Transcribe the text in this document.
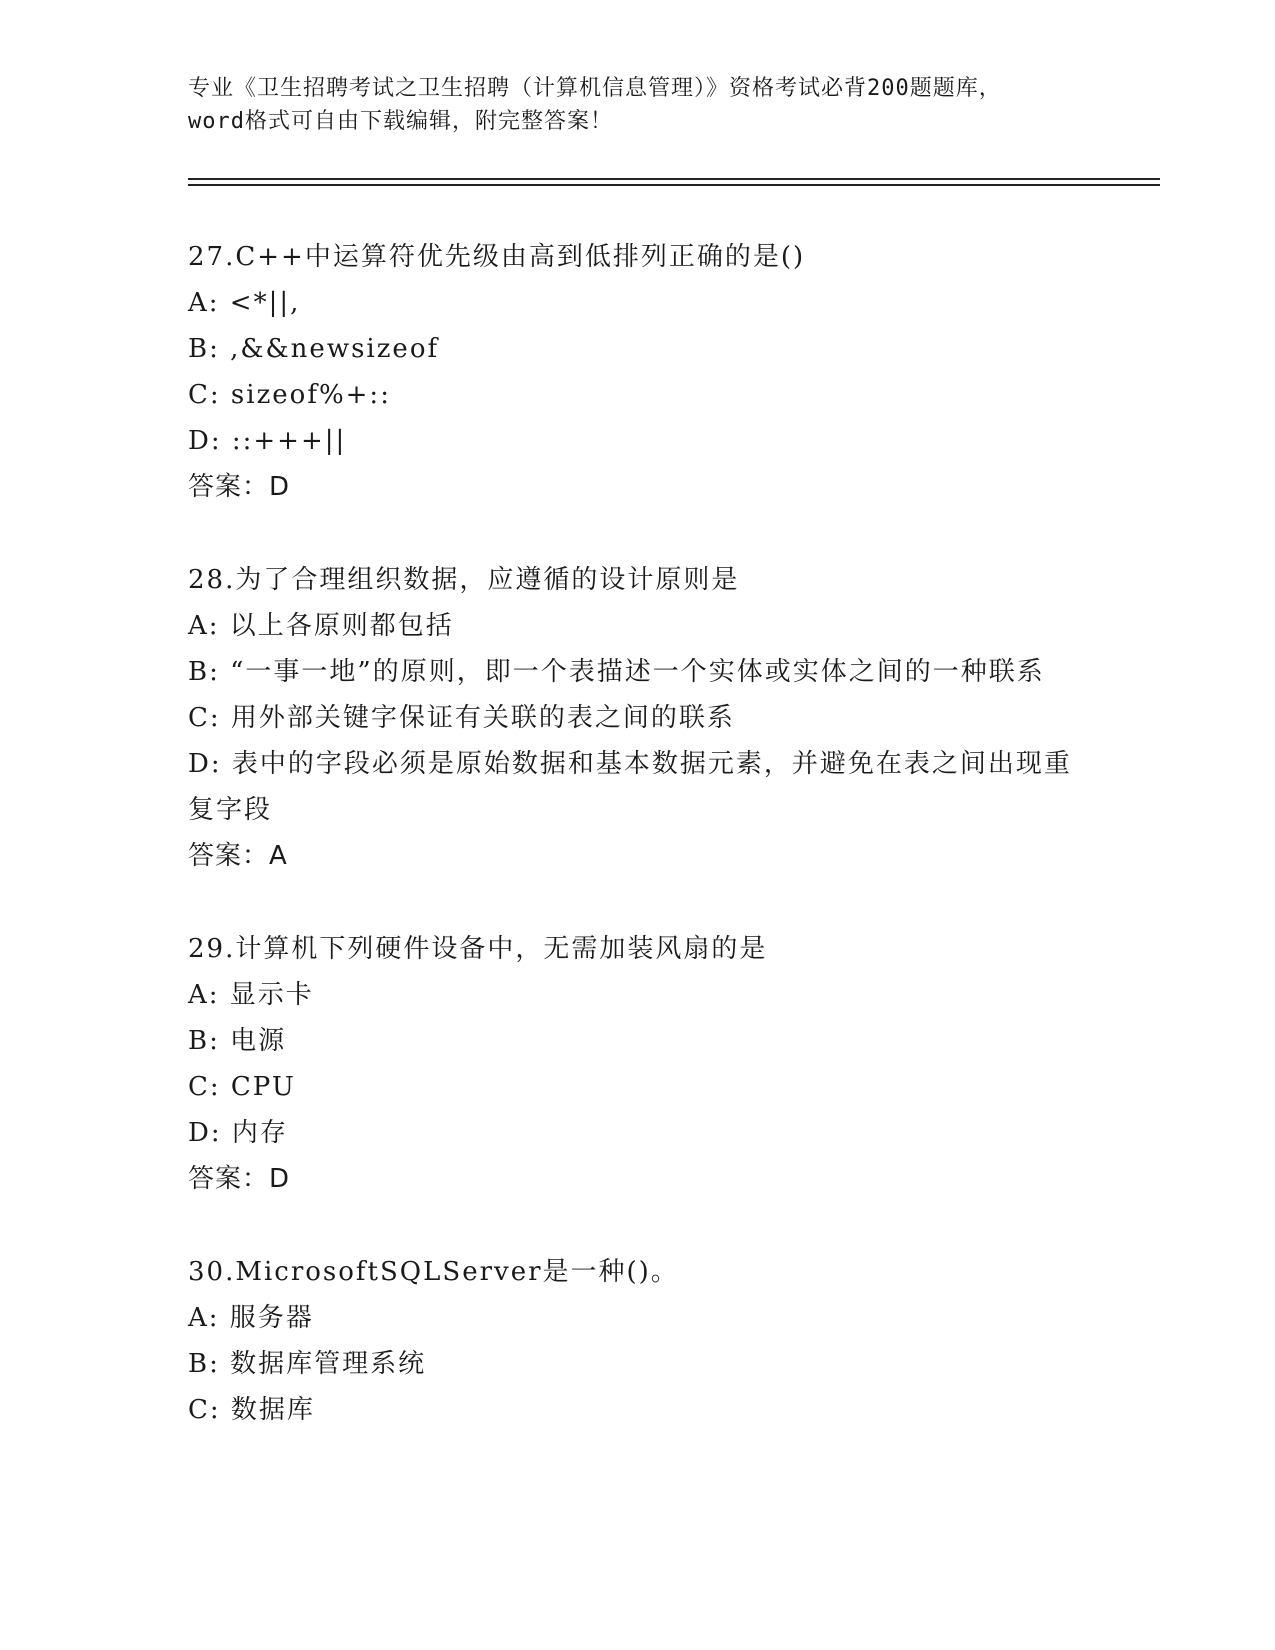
专业《卫生招聘考试之卫生招聘（计算机信息管理）》资格考试必背200题题库，
word格式可自由下载编辑，附完整答案！

27.C++中运算符优先级由高到低排列正确的是()

A: <*||,

B: ,&&newsizeof

C: sizeof%+::

D: ::+++||

答案：D

28.为了合理组织数据，应遵循的设计原则是

A: 以上各原则都包括

B: “一事一地”的原则，即一个表描述一个实体或实体之间的一种联系

C: 用外部关键字保证有关联的表之间的联系

D: 表中的字段必须是原始数据和基本数据元素，并避免在表之间出现重复字段

答案：A

29.计算机下列硬件设备中，无需加装风扇的是

A: 显示卡

B: 电源

C: CPU

D: 内存

答案：D

30.MicrosoftSQLServer是一种()。

A: 服务器

B: 数据库管理系统

C: 数据库
